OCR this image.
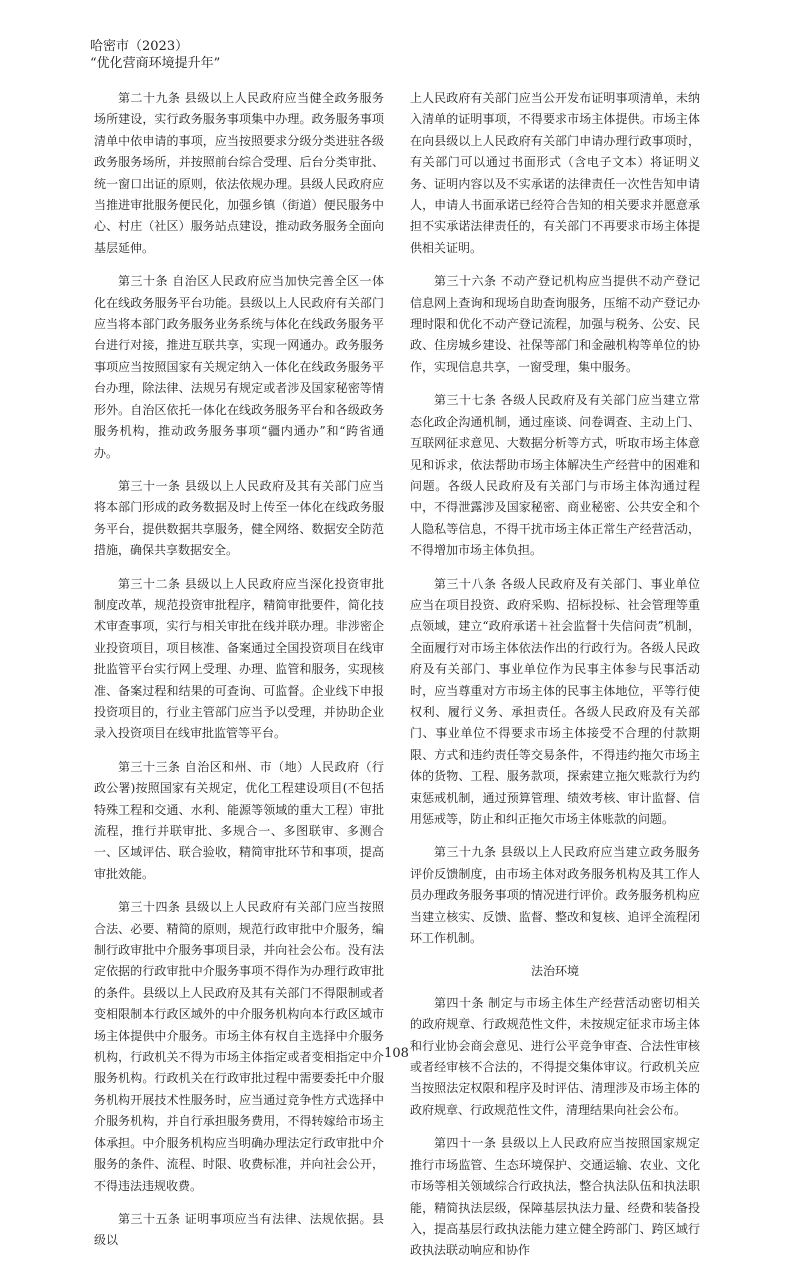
哈密市（2023）
“优化营商环境提升年”

第二十九条 县级以上人民政府应当健全政务服务场所建设，实行政务服务事项集中办理。政务服务事项清单中依申请的事项，应当按照要求分级分类进驻各级政务服务场所，并按照前台综合受理、后台分类审批、统一窗口出证的原则，依法依规办理。县级人民政府应当推进审批服务便民化，加强乡镇（街道）便民服务中心、村庄（社区）服务站点建设，推动政务服务全面向基层延伸。

第三十条 自治区人民政府应当加快完善全区一体化在线政务服务平台功能。县级以上人民政府有关部门应当将本部门政务服务业务系统与体化在线政务服务平台进行对接，推进互联共享，实现一网通办。政务服务事项应当按照国家有关规定纳入一体化在线政务服务平台办理，除法律、法规另有规定或者涉及国家秘密等情形外。自治区依托一体化在线政务服务平台和各级政务服务机构，推动政务服务事项“疆内通办”和“跨省通办。

第三十一条 县级以上人民政府及其有关部门应当将本部门形成的政务数据及时上传至一体化在线政务服务平台，提供数据共享服务，健全网络、数据安全防范措施，确保共享数据安全。

第三十二条 县级以上人民政府应当深化投资审批制度改革，规范投资审批程序，精简审批要件，简化技术审查事项，实行与相关审批在线并联办理。非涉密企业投资项目，项目核准、备案通过全国投资项目在线审批监管平台实行网上受理、办理、监管和服务，实现核准、备案过程和结果的可查询、可监督。企业线下申报投资项目的，行业主管部门应当予以受理，并协助企业录入投资项目在线审批监管等平台。

第三十三条 自治区和州、市（地）人民政府（行政公署)按照国家有关规定，优化工程建设项目(不包括特殊工程和交通、水利、能源等领域的重大工程）审批流程，推行并联审批、多规合一、多图联审、多测合一、区域评估、联合验收，精简审批环节和事项，提高审批效能。

第三十四条 县级以上人民政府有关部门应当按照合法、必要、精简的原则，规范行政审批中介服务，编制行政审批中介服务事项目录，并向社会公布。没有法定依据的行政审批中介服务事项不得作为办理行政审批的条件。县级以上人民政府及其有关部门不得限制或者变相限制本行政区域外的中介服务机构向本行政区域市场主体提供中介服务。市场主体有权自主选择中介服务机构，行政机关不得为市场主体指定或者变相指定中介服务机构。行政机关在行政审批过程中需要委托中介服务机构开展技术性服务时，应当通过竞争性方式选择中介服务机构，并自行承担服务费用，不得转嫁给市场主体承担。中介服务机构应当明确办理法定行政审批中介服务的条件、流程、时限、收费标准，并向社会公开，不得违法违规收费。

第三十五条 证明事项应当有法律、法规依据。县级以

上人民政府有关部门应当公开发布证明事项清单，未纳入清单的证明事项，不得要求市场主体提供。市场主体在向县级以上人民政府有关部门申请办理行政事项时，有关部门可以通过书面形式（含电子文本）将证明义务、证明内容以及不实承诺的法律责任一次性告知申请人，申请人书面承诺已经符合告知的相关要求并愿意承担不实承诺法律责任的，有关部门不再要求市场主体提供相关证明。

第三十六条 不动产登记机构应当提供不动产登记信息网上查询和现场自助查询服务，压缩不动产登记办理时限和优化不动产登记流程，加强与税务、公安、民政、住房城乡建设、社保等部门和金融机构等单位的协作，实现信息共享，一窗受理，集中服务。

第三十七条 各级人民政府及有关部门应当建立常态化政企沟通机制，通过座谈、问卷调查、主动上门、互联网征求意见、大数据分析等方式，听取市场主体意见和诉求，依法帮助市场主体解决生产经营中的困难和问题。各级人民政府及有关部门与市场主体沟通过程中，不得泄露涉及国家秘密、商业秘密、公共安全和个人隐私等信息，不得干扰市场主体正常生产经营活动，不得增加市场主体负担。

第三十八条 各级人民政府及有关部门、事业单位应当在项目投资、政府采购、招标投标、社会管理等重点领域，建立“政府承诺＋社会监督十失信问责”机制，全面履行对市场主体依法作出的行政行为。各级人民政府及有关部门、事业单位作为民事主体参与民事活动时，应当尊重对方市场主体的民事主体地位，平等行使权利、履行义务、承担责任。各级人民政府及有关部门、事业单位不得要求市场主体接受不合理的付款期限、方式和违约责任等交易条件，不得违约拖欠市场主体的货物、工程、服务款项，探索建立拖欠账款行为约束惩戒机制，通过预算管理、绩效考核、审计监督、信用惩戒等，防止和纠正拖欠市场主体账款的问题。

第三十九条 县级以上人民政府应当建立政务服务评价反馈制度，由市场主体对政务服务机构及其工作人员办理政务服务事项的情况进行评价。政务服务机构应当建立核实、反馈、监督、整改和复核、追评全流程闭环工作机制。

法治环境

第四十条 制定与市场主体生产经营活动密切相关的政府规章、行政规范性文件，未按规定征求市场主体和行业协会商会意见、进行公平竞争审查、合法性审核或者经审核不合法的，不得提交集体审议。行政机关应当按照法定权限和程序及时评估、清理涉及市场主体的政府规章、行政规范性文件，清理结果向社会公布。

第四十一条 县级以上人民政府应当按照国家规定推行市场监管、生态环境保护、交通运输、农业、文化市场等相关领域综合行政执法，整合执法队伍和执法职能，精简执法层级，保障基层执法力量、经费和装备投入，提高基层行政执法能力建立健全跨部门、跨区域行政执法联动响应和协作

108
